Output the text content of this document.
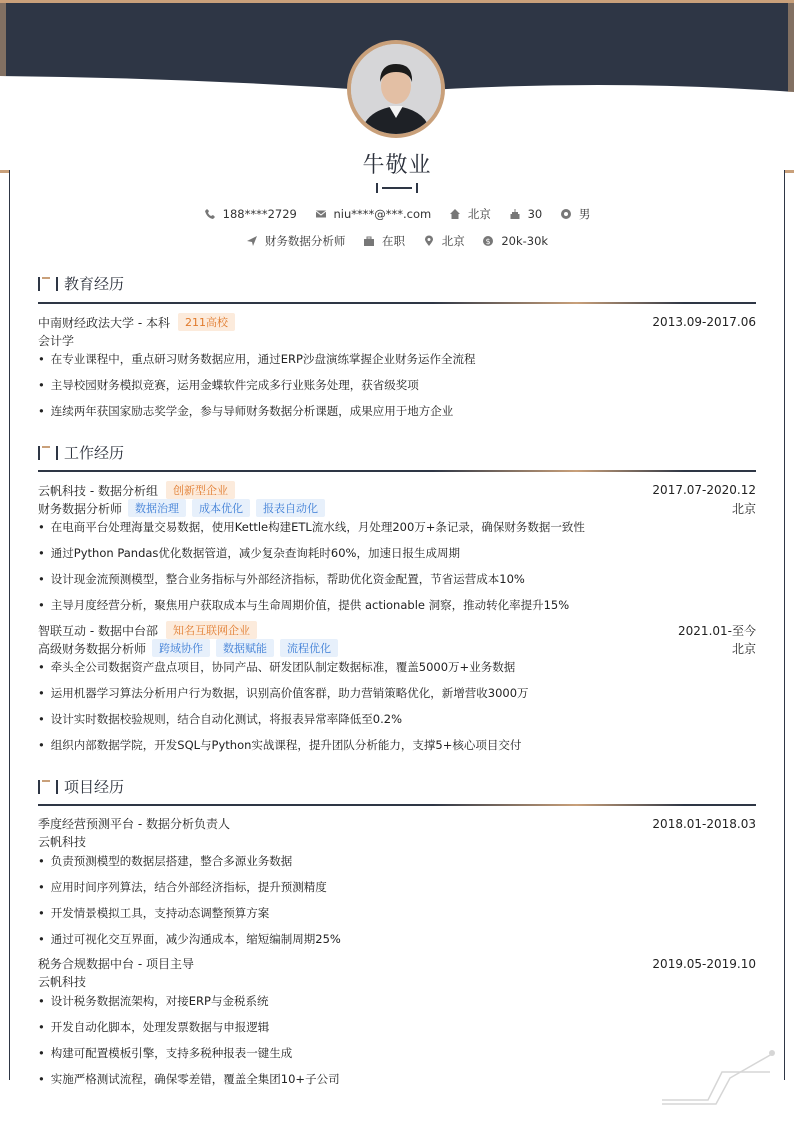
牛敬业
188****2729
	niu****@***.com
	北京
	30
	男
财务数据分析师
	在职
	北京
	$ 20k-30k
教育经历
中南财经政法大学 - 本科	211高校	2013.09-2017.06
会计学
• 在专业课程中，重点研习财务数据应用，通过ERP沙盘演练掌握企业财务运作全流程
• 主导校园财务模拟竞赛，运用金蝶软件完成多行业账务处理，获省级奖项
• 连续两年获国家励志奖学金，参与导师财务数据分析课题，成果应用于地方企业
工作经历
云帆科技 - 数据分析组	创新型企业	2017.07-2020.12
财务数据分析师	数据治理	成本优化	报表自动化	北京
• 在电商平台处理海量交易数据，使用Kettle构建ETL流水线，月处理200万+条记录，确保财务数据一致性
• 通过Python Pandas优化数据管道，减少复杂查询耗时60%，加速日报生成周期
• 设计现金流预测模型，整合业务指标与外部经济指标，帮助优化资金配置，节省运营成本10%
• 主导月度经营分析，聚焦用户获取成本与生命周期价值，提供 actionable 洞察，推动转化率提升15%
智联互动 - 数据中台部	知名互联网企业	2021.01-至今
高级财务数据分析师	跨域协作	数据赋能	流程优化	北京
• 牵头全公司数据资产盘点项目，协同产品、研发团队制定数据标准，覆盖5000万+业务数据
• 运用机器学习算法分析用户行为数据，识别高价值客群，助力营销策略优化，新增营收3000万
• 设计实时数据校验规则，结合自动化测试，将报表异常率降低至0.2%
• 组织内部数据学院，开发SQL与Python实战课程，提升团队分析能力，支撑5+核心项目交付
项目经历
季度经营预测平台 - 数据分析负责人	2018.01-2018.03
云帆科技
• 负责预测模型的数据层搭建，整合多源业务数据
• 应用时间序列算法，结合外部经济指标，提升预测精度
• 开发情景模拟工具，支持动态调整预算方案
• 通过可视化交互界面，减少沟通成本，缩短编制周期25%
税务合规数据中台 - 项目主导	2019.05-2019.10
云帆科技
• 设计税务数据流架构，对接ERP与金税系统
• 开发自动化脚本，处理发票数据与申报逻辑
• 构建可配置模板引擎，支持多税种报表一键生成
• 实施严格测试流程，确保零差错，覆盖全集团10+子公司
